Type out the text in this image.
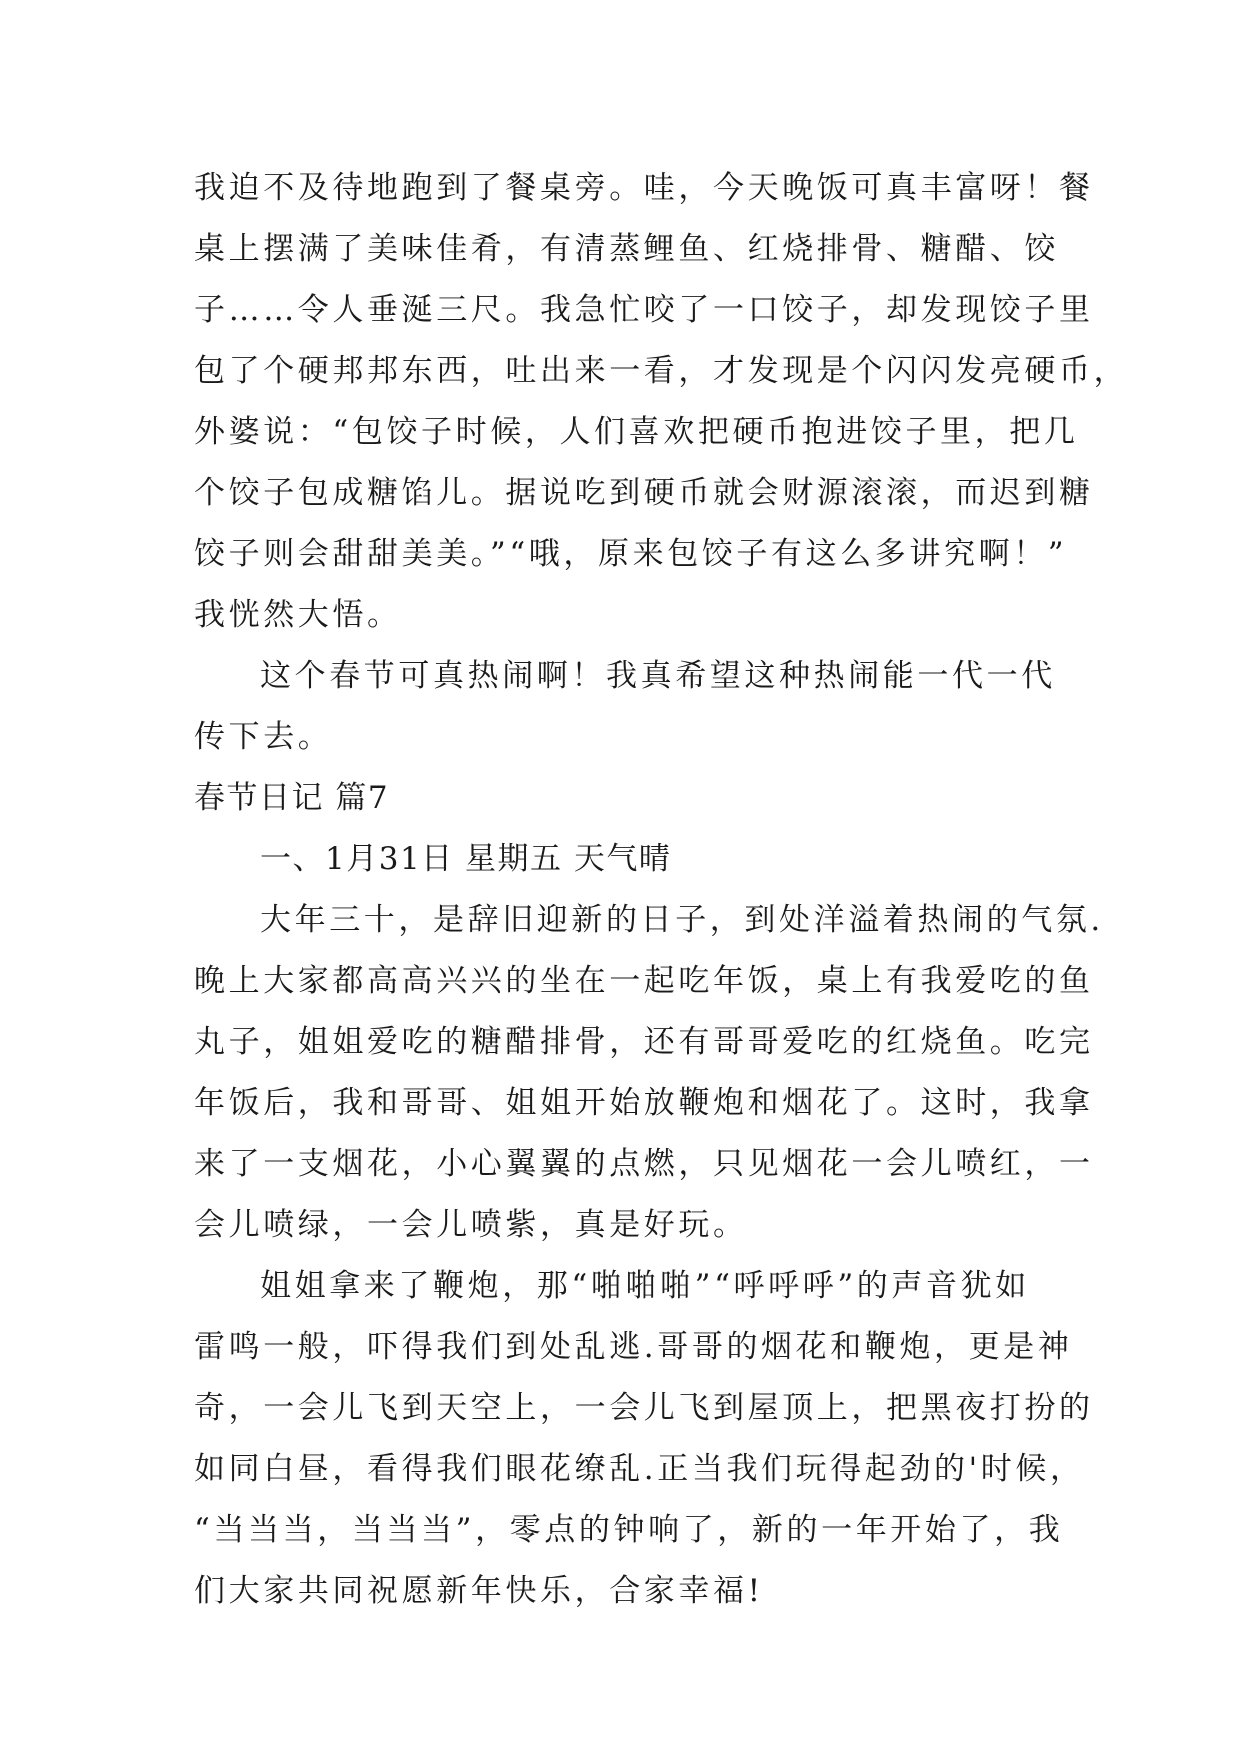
我迫不及待地跑到了餐桌旁。哇，今天晚饭可真丰富呀！餐
桌上摆满了美味佳肴，有清蒸鲤鱼、红烧排骨、糖醋、饺
子……令人垂涎三尺。我急忙咬了一口饺子，却发现饺子里
包了个硬邦邦东西，吐出来一看，才发现是个闪闪发亮硬币，
外婆说：“包饺子时候，人们喜欢把硬币抱进饺子里，把几
个饺子包成糖馅儿。据说吃到硬币就会财源滚滚，而迟到糖
饺子则会甜甜美美。”“哦，原来包饺子有这么多讲究啊！”
我恍然大悟。
这个春节可真热闹啊！我真希望这种热闹能一代一代
传下去。
春节日记 篇7
一、1月31日 星期五 天气晴
大年三十，是辞旧迎新的日子，到处洋溢着热闹的气氛.
晚上大家都高高兴兴的坐在一起吃年饭，桌上有我爱吃的鱼
丸子，姐姐爱吃的糖醋排骨，还有哥哥爱吃的红烧鱼。吃完
年饭后，我和哥哥、姐姐开始放鞭炮和烟花了。这时，我拿
来了一支烟花，小心翼翼的点燃，只见烟花一会儿喷红，一
会儿喷绿，一会儿喷紫，真是好玩。
姐姐拿来了鞭炮，那“啪啪啪”“呼呼呼”的声音犹如
雷鸣一般，吓得我们到处乱逃.哥哥的烟花和鞭炮，更是神
奇，一会儿飞到天空上，一会儿飞到屋顶上，把黑夜打扮的
如同白昼，看得我们眼花缭乱.正当我们玩得起劲的'时候，
“当当当，当当当”，零点的钟响了，新的一年开始了，我
们大家共同祝愿新年快乐，合家幸福!
